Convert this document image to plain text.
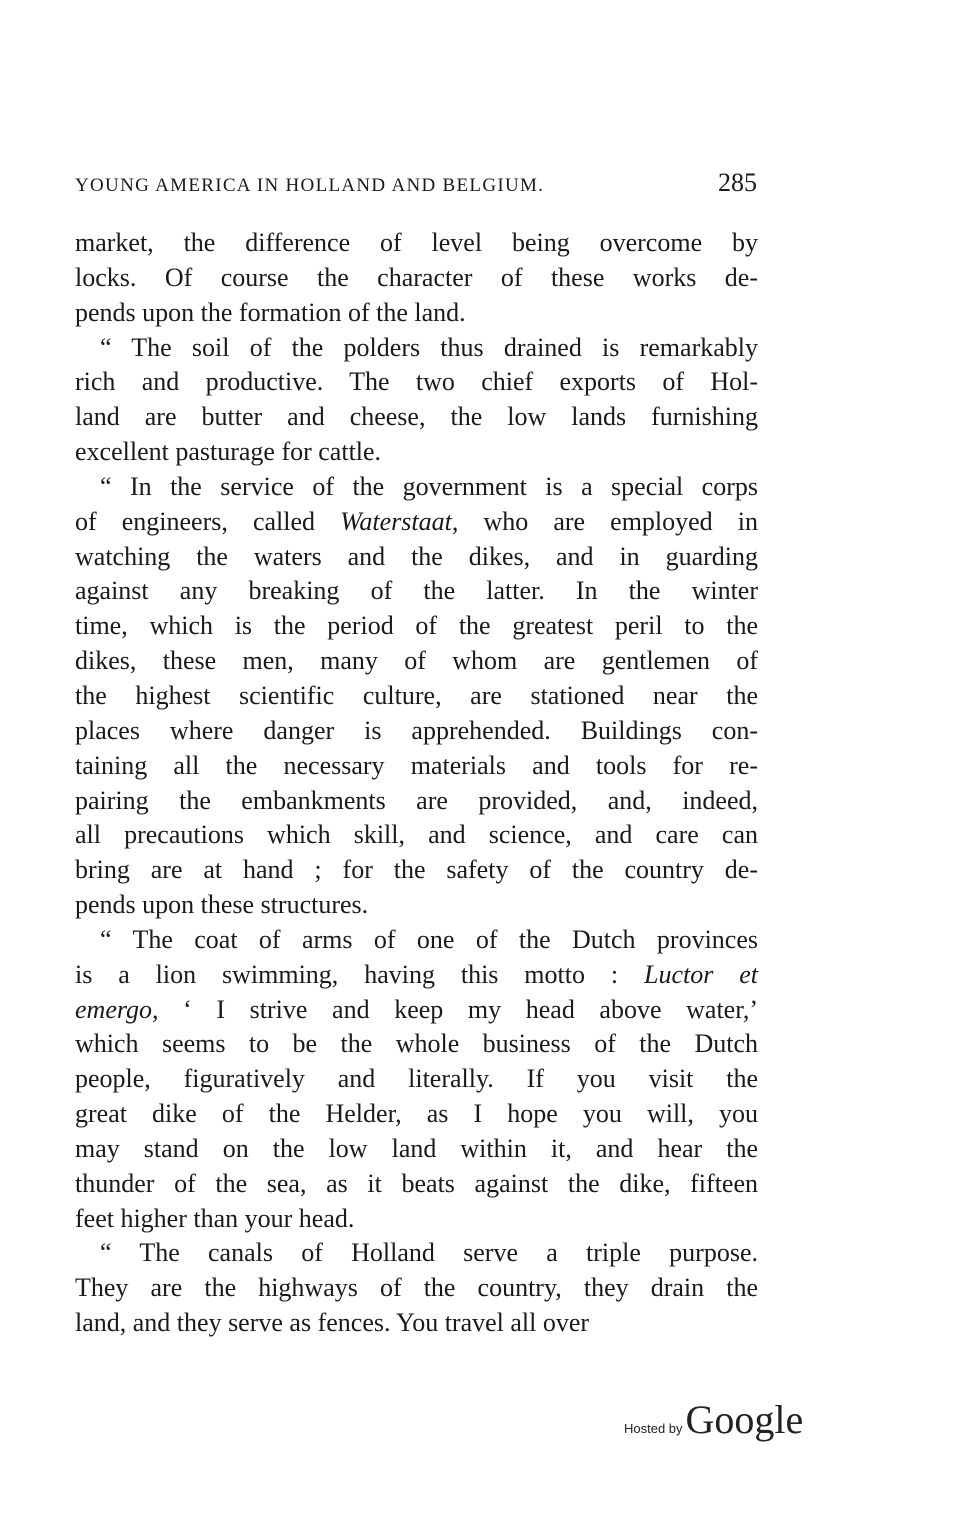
YOUNG AMERICA IN HOLLAND AND BELGIUM.	285
market, the difference of level being overcome by
locks. Of course the character of these works de-
pends upon the formation of the land.
“ The soil of the polders thus drained is remarkably
rich and productive. The two chief exports of Hol-
land are butter and cheese, the low lands furnishing
excellent pasturage for cattle.
“ In the service of the government is a special corps
of engineers, called Waterstaat, who are employed in
watching the waters and the dikes, and in guarding
against any breaking of the latter. In the winter
time, which is the period of the greatest peril to the
dikes, these men, many of whom are gentlemen of
the highest scientific culture, are stationed near the
places where danger is apprehended. Buildings con-
taining all the necessary materials and tools for re-
pairing the embankments are provided, and, indeed,
all precautions which skill, and science, and care can
bring are at hand ; for the safety of the country de-
pends upon these structures.
“ The coat of arms of one of the Dutch provinces
is a lion swimming, having this motto : Luctor et
emergo, ‘ I strive and keep my head above water,’
which seems to be the whole business of the Dutch
people, figuratively and literally. If you visit the
great dike of the Helder, as I hope you will, you
may stand on the low land within it, and hear the
thunder of the sea, as it beats against the dike, fifteen
feet higher than your head.
“ The canals of Holland serve a triple purpose.
They are the highways of the country, they drain the
land, and they serve as fences. You travel all over
Hosted by Google
